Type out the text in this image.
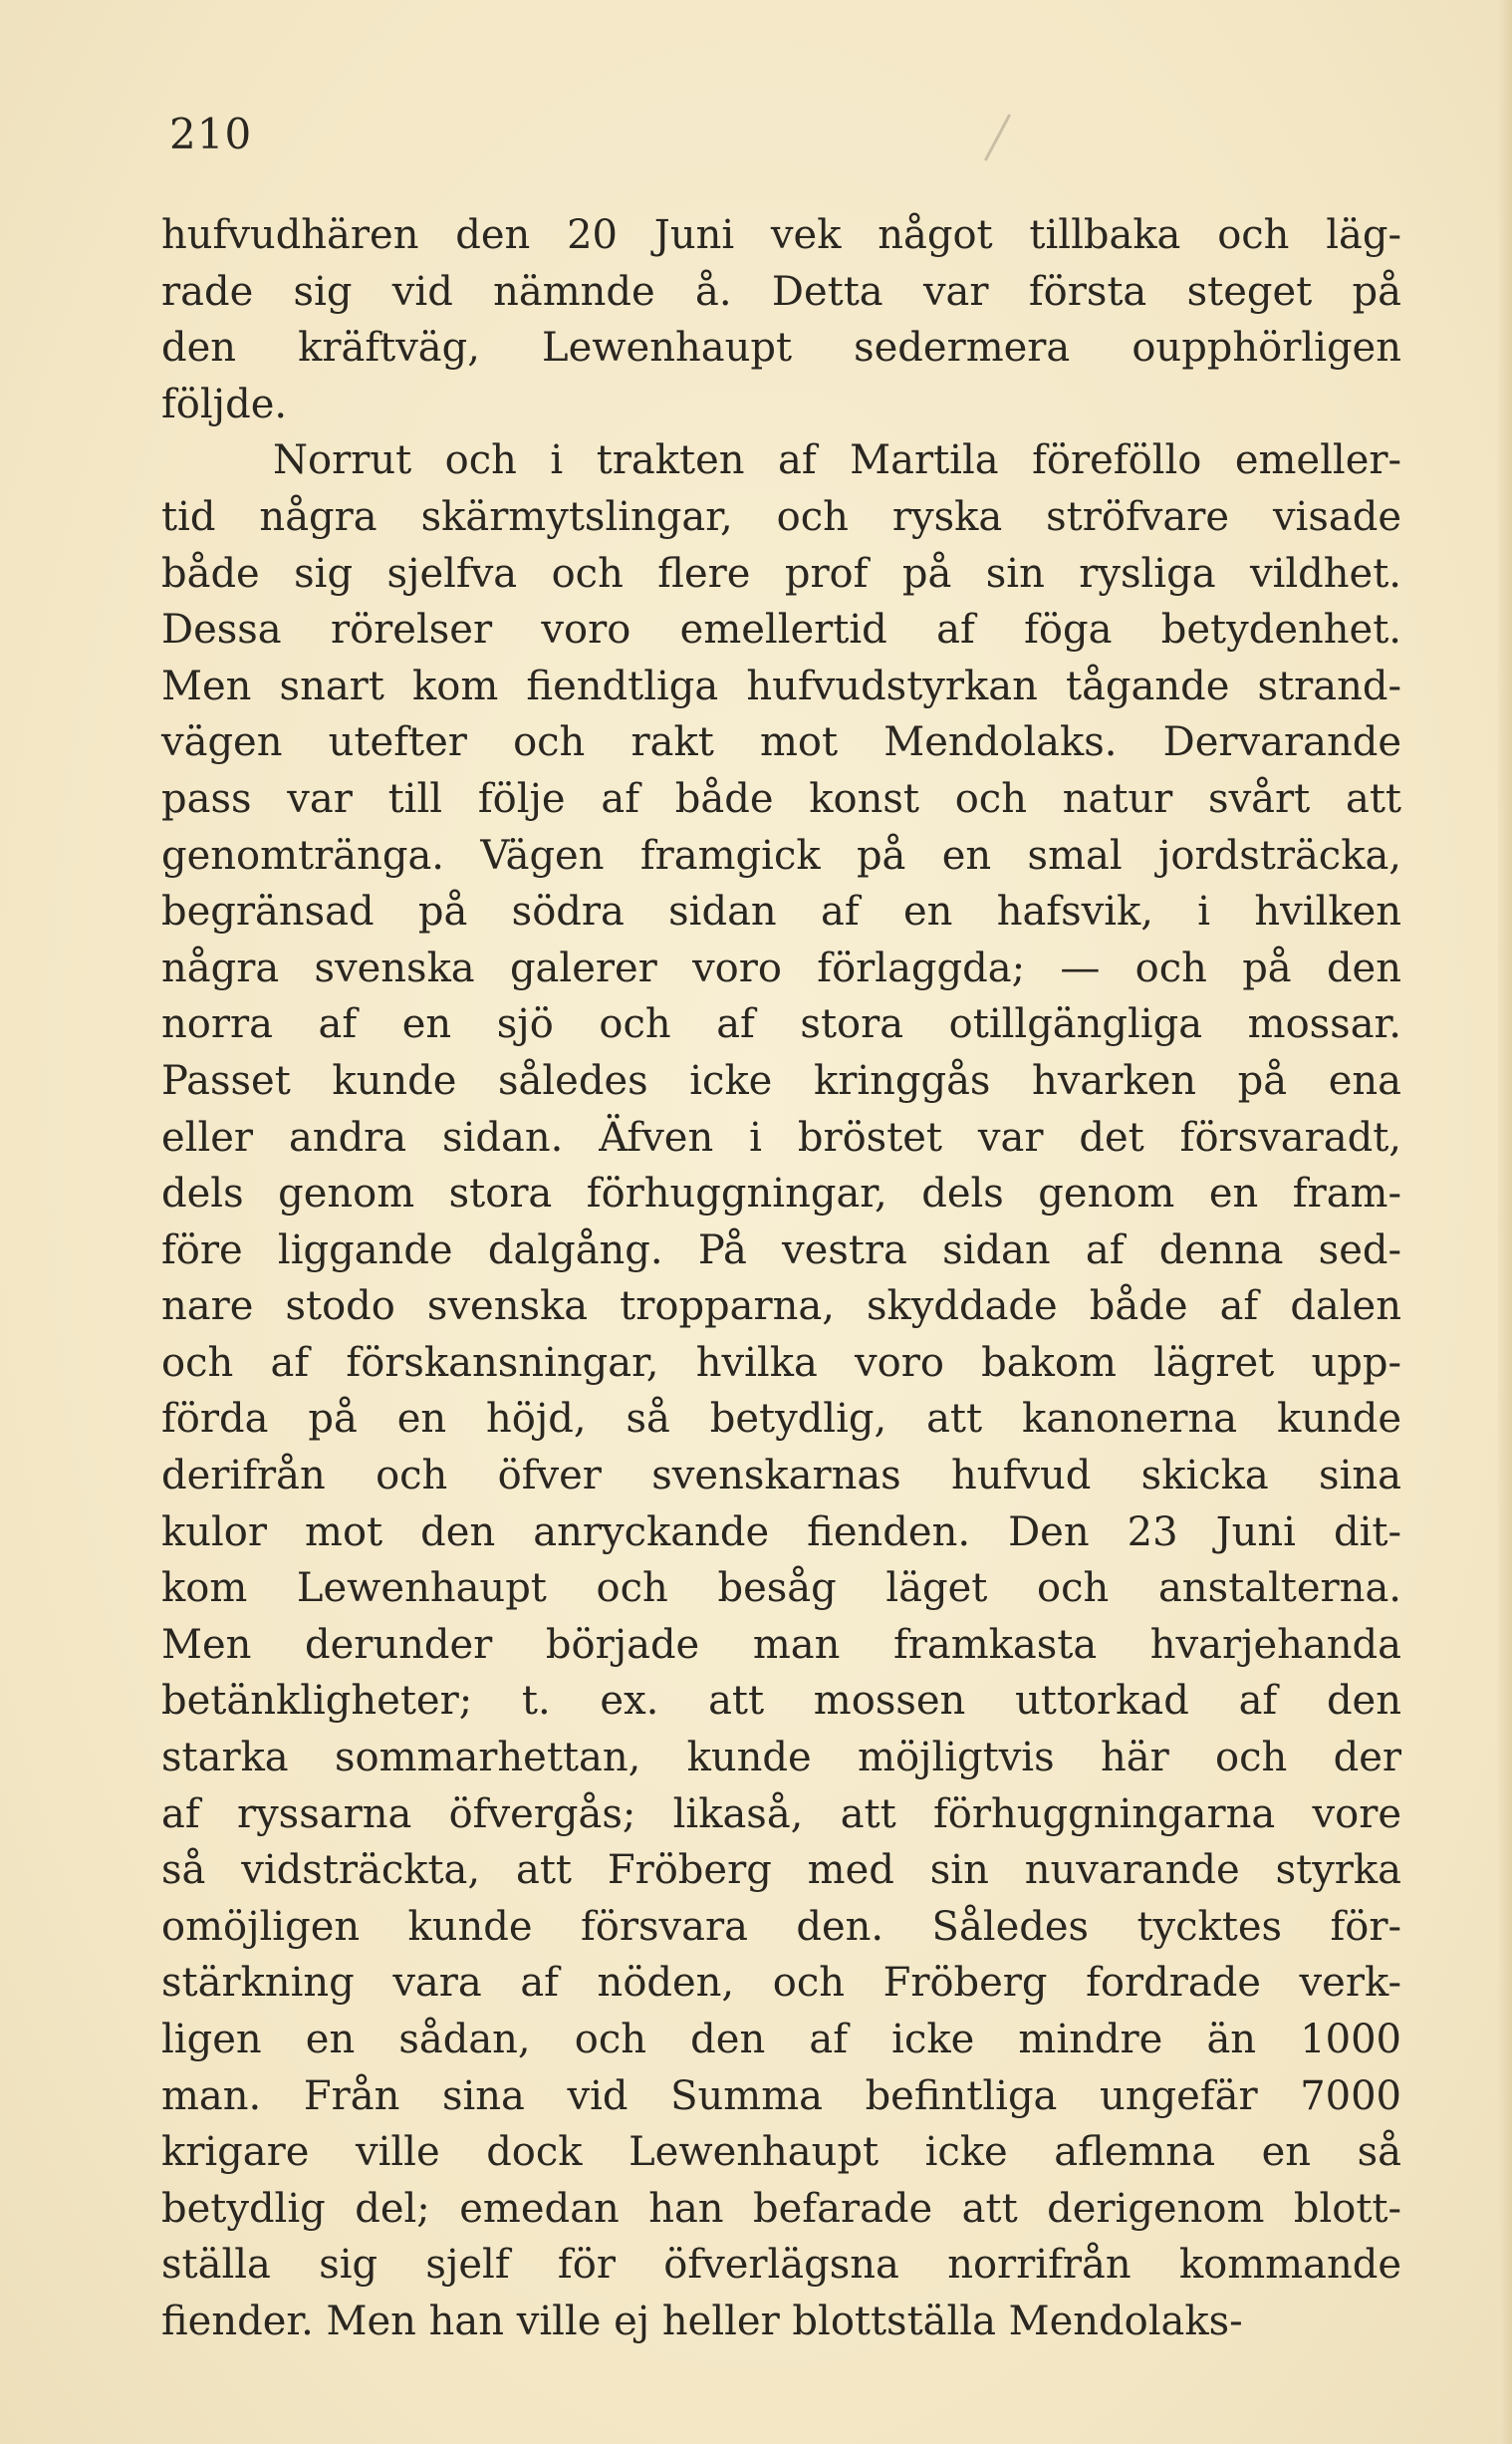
210
hufvudhären den 20 Juni vek något tillbaka och läg-
rade sig vid nämnde å. Detta var första steget på
den kräftväg, Lewenhaupt sedermera oupphörligen
följde.
Norrut och i trakten af Martila föreföllo emeller-
tid några skärmytslingar, och ryska ströfvare visade
både sig sjelfva och flere prof på sin rysliga vildhet.
Dessa rörelser voro emellertid af föga betydenhet.
Men snart kom fiendtliga hufvudstyrkan tågande strand-
vägen utefter och rakt mot Mendolaks. Dervarande
pass var till följe af både konst och natur svårt att
genomtränga. Vägen framgick på en smal jordsträcka,
begränsad på södra sidan af en hafsvik, i hvilken
några svenska galerer voro förlaggda; — och på den
norra af en sjö och af stora otillgängliga mossar.
Passet kunde således icke kringgås hvarken på ena
eller andra sidan. Äfven i bröstet var det försvaradt,
dels genom stora förhuggningar, dels genom en fram-
före liggande dalgång. På vestra sidan af denna sed-
nare stodo svenska tropparna, skyddade både af dalen
och af förskansningar, hvilka voro bakom lägret upp-
förda på en höjd, så betydlig, att kanonerna kunde
derifrån och öfver svenskarnas hufvud skicka sina
kulor mot den anryckande fienden. Den 23 Juni dit-
kom Lewenhaupt och besåg läget och anstalterna.
Men derunder började man framkasta hvarjehanda
betänkligheter; t. ex. att mossen uttorkad af den
starka sommarhettan, kunde möjligtvis här och der
af ryssarna öfvergås; likaså, att förhuggningarna vore
så vidsträckta, att Fröberg med sin nuvarande styrka
omöjligen kunde försvara den. Således tycktes för-
stärkning vara af nöden, och Fröberg fordrade verk-
ligen en sådan, och den af icke mindre än 1000
man. Från sina vid Summa befintliga ungefär 7000
krigare ville dock Lewenhaupt icke aflemna en så
betydlig del; emedan han befarade att derigenom blott-
ställa sig sjelf för öfverlägsna norrifrån kommande
fiender. Men han ville ej heller blottställa Mendolaks-
